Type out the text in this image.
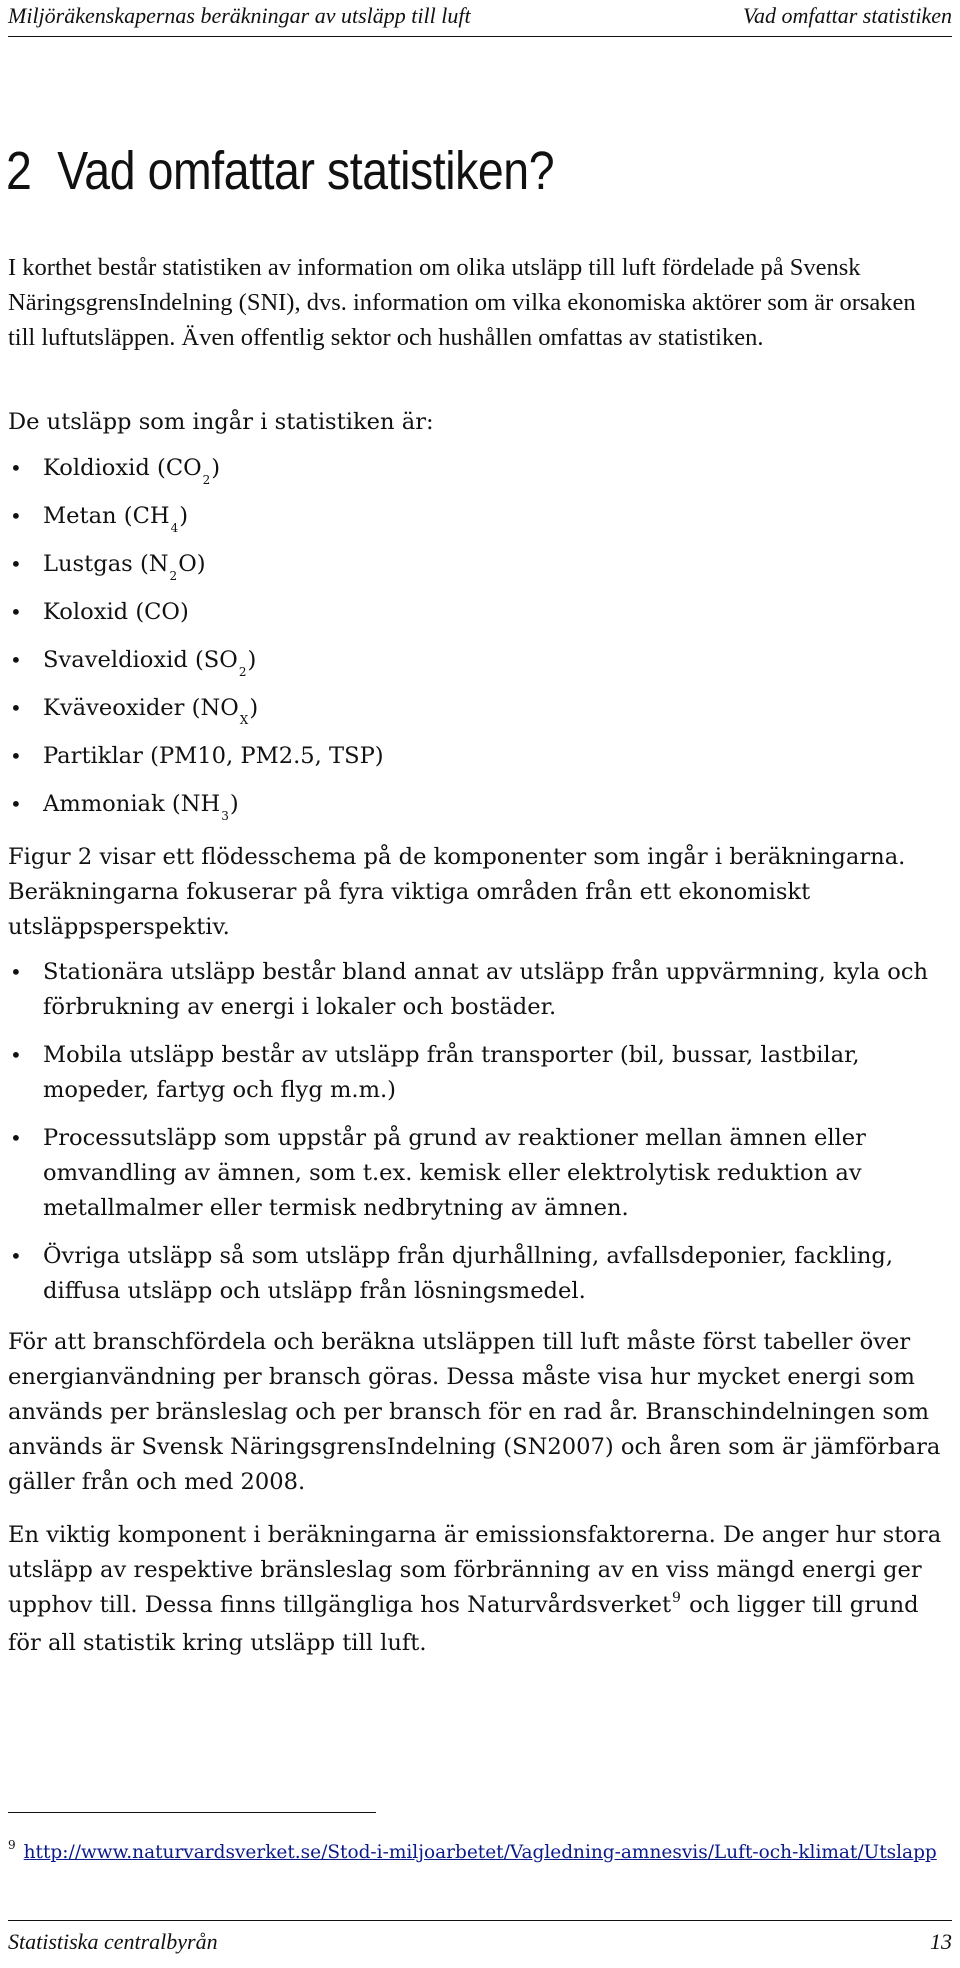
Miljöräkenskapernas beräkningar av utsläpp till luft	Vad omfattar statistiken
2 Vad omfattar statistiken?

I korthet består statistiken av information om olika utsläpp till luft fördelade på Svensk NäringsgrensIndelning (SNI), dvs. information om vilka ekonomiska aktörer som är orsaken till luftutsläppen. Även offentlig sektor och hushållen omfattas av statistiken.

De utsläpp som ingår i statistiken är:

• Koldioxid $(CO_2)$
• Metan $(CH_4)$
• Lustgas $(N_2O)$
• Koloxid (CO)
• Svaveldioxid $(SO_2)$
• Kväveoxider $(NO_X)$
• Partiklar (PM10, PM2.5, TSP)
• Ammoniak $(NH_3)$

Figur 2 visar ett flödesschema på de komponenter som ingår i beräkningarna. Beräkningarna fokuserar på fyra viktiga områden från ett ekonomiskt utsläppsperspektiv.

• Stationära utsläpp består bland annat av utsläpp från uppvärmning, kyla och förbrukning av energi i lokaler och bostäder.
• Mobila utsläpp består av utsläpp från transporter (bil, bussar, lastbilar, mopeder, fartyg och flyg m.m.)
• Processutsläpp som uppstår på grund av reaktioner mellan ämnen eller omvandling av ämnen, som t.ex. kemisk eller elektrolytisk reduktion av metallmalmer eller termisk nedbrytning av ämnen.
• Övriga utsläpp så som utsläpp från djurhållning, avfallsdeponier, fackling, diffusa utsläpp och utsläpp från lösningsmedel.

För att branschfördela och beräkna utsläppen till luft måste först tabeller över energianvändning per bransch göras. Dessa måste visa hur mycket energi som används per bränsleslag och per bransch för en rad år. Branschindelningen som används är Svensk NäringsgrensIndelning (SN2007) och åren som är jämförbara gäller från och med 2008.

En viktig komponent i beräkningarna är emissionsfaktorerna. De anger hur stora utsläpp av respektive bränsleslag som förbränning av en viss mängd energi ger upphov till. Dessa finns tillgängliga hos Naturvårdsverket$^9$ och ligger till grund för all statistik kring utsläpp till luft.

$^9$ http://www.naturvardsverket.se/Stod-i-miljoarbetet/Vagledning-amnesvis/Luft-och-klimat/Utslapp
Statistiska centralbyrån	13
